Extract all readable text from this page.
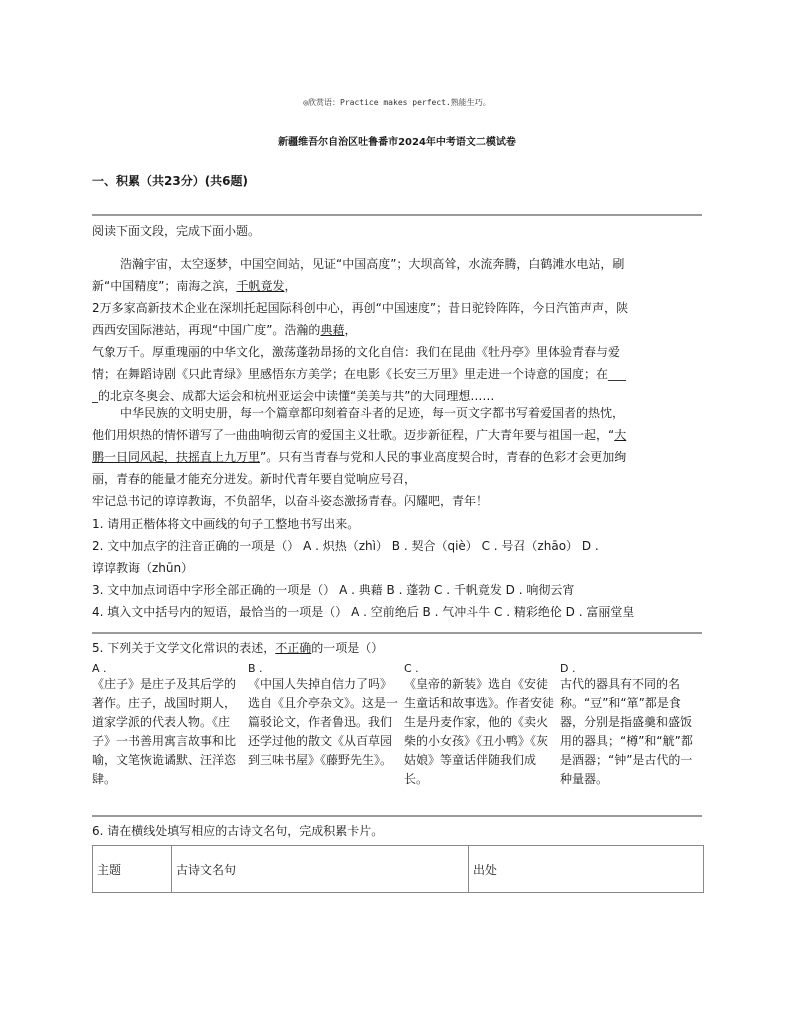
◎欣赏语：Practice makes perfect.熟能生巧。
新疆维吾尔自治区吐鲁番市2024年中考语文二模试卷
一、积累（共23分）(共6题)
阅读下面文段，完成下面小题。
浩瀚宇宙，太空逐梦，中国空间站，见证“中国高度”；大坝高耸，水流奔腾，白鹤滩水电站，刷
新“中国精度”；南海之滨，千帆竟发，
2万多家高新技术企业在深圳托起国际科创中心，再创“中国速度”；昔日驼铃阵阵，今日汽笛声声，陕
西西安国际港站，再现“中国广度”。浩瀚的典藉，
气象万千。厚重瑰丽的中华文化，激荡蓬勃昂扬的文化自信：我们在昆曲《牡丹亭》里体验青春与爱
情；在舞蹈诗剧《只此青绿》里感悟东方美学；在电影《长安三万里》里走进一个诗意的国度；在___
_的北京冬奥会、成都大运会和杭州亚运会中读懂“美美与共”的大同理想……
中华民族的文明史册，每一个篇章都印刻着奋斗者的足迹，每一页文字都书写着爱国者的热忱，
他们用炽热的情怀谱写了一曲曲响彻云宵的爱国主义壮歌。迈步新征程，广大青年要与祖国一起，“大
鹏一日同风起，扶摇直上九万里”。只有当青春与党和人民的事业高度契合时，青春的色彩才会更加绚
丽，青春的能量才能充分迸发。新时代青年要自觉响应号召，
牢记总书记的谆谆教诲，不负韶华，以奋斗姿态激扬青春。闪耀吧，青年！
1. 请用正楷体将文中画线的句子工整地书写出来。
2. 文中加点字的注音正确的一项是（） A . 炽热（zhì） B . 契合（qiè） C . 号召（zhāo） D .
谆谆教诲（zhūn）
3. 文中加点词语中字形全部正确的一项是（） A . 典藉 B . 蓬勃 C . 千帆竟发 D . 响彻云宵
4. 填入文中括号内的短语，最恰当的一项是（） A . 空前绝后 B . 气冲斗牛 C . 精彩绝伦 D . 富丽堂皇
5. 下列关于文学文化常识的表述，不正确的一项是（）
A .
《庄子》是庄子及其后学的著作。庄子，战国时期人，道家学派的代表人物。《庄子》一书善用寓言故事和比喻，文笔恢诡谲默、汪洋恣肆。
B .
《中国人失掉自信力了吗》选自《且介亭杂文》。这是一篇驳论文，作者鲁迅。我们还学过他的散文《从百草园到三味书屋》《藤野先生》。
C .
《皇帝的新装》选自《安徒生童话和故事选》。作者安徒生是丹麦作家，他的《卖火柴的小女孩》《丑小鸭》《灰姑娘》等童话伴随我们成长。
D .
古代的器具有不同的名称。“豆”和“箪”都是食器，分别是指盛羹和盛饭用的器具；“樽”和“觥”都是酒器；“钟”是古代的一种量器。
6. 请在横线处填写相应的古诗文名句，完成积累卡片。
主题	古诗文名句	出处
